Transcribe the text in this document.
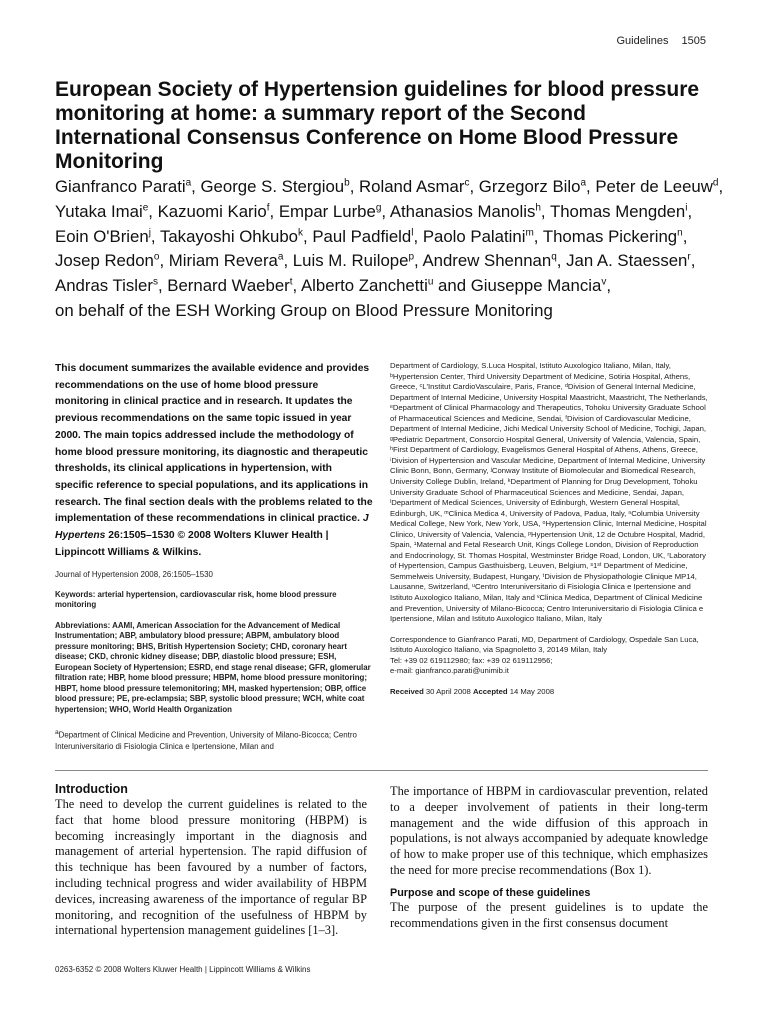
Guidelines 1505
European Society of Hypertension guidelines for blood pressure monitoring at home: a summary report of the Second International Consensus Conference on Home Blood Pressure Monitoring
Gianfranco Parati$^a$, George S. Stergiou$^b$, Roland Asmar$^c$, Grzegorz Bilo$^a$, Peter de Leeuw$^d$, Yutaka Imai$^e$, Kazuomi Kario$^f$, Empar Lurbe$^g$, Athanasios Manolis$^h$, Thomas Mengden$^i$, Eoin O'Brien$^j$, Takayoshi Ohkubo$^k$, Paul Padfield$^l$, Paolo Palatini$^m$, Thomas Pickering$^n$, Josep Redon$^o$, Miriam Revera$^a$, Luis M. Ruilope$^p$, Andrew Shennan$^q$, Jan A. Staessen$^r$, Andras Tisler$^s$, Bernard Waeber$^t$, Alberto Zanchetti$^u$ and Giuseppe Mancia$^v$,
on behalf of the ESH Working Group on Blood Pressure Monitoring

This document summarizes the available evidence and provides recommendations on the use of home blood pressure monitoring in clinical practice and in research. It updates the previous recommendations on the same topic issued in year 2000. The main topics addressed include the methodology of home blood pressure monitoring, its diagnostic and therapeutic thresholds, its clinical applications in hypertension, with specific reference to special populations, and its applications in research. The final section deals with the problems related to the implementation of these recommendations in clinical practice. J Hypertens 26:1505–1530 © 2008 Wolters Kluwer Health | Lippincott Williams & Wilkins.

Journal of Hypertension 2008, 26:1505–1530

Keywords: arterial hypertension, cardiovascular risk, home blood pressure monitoring

Abbreviations: AAMI, American Association for the Advancement of Medical Instrumentation; ABP, ambulatory blood pressure; ABPM, ambulatory blood pressure monitoring; BHS, British Hypertension Society; CHD, coronary heart disease; CKD, chronic kidney disease; DBP, diastolic blood pressure; ESH, European Society of Hypertension; ESRD, end stage renal disease; GFR, glomerular filtration rate; HBP, home blood pressure; HBPM, home blood pressure monitoring; HBPT, home blood pressure telemonitoring; MH, masked hypertension; OBP, office blood pressure; PE, pre-eclampsia; SBP, systolic blood pressure; WCH, white coat hypertension; WHO, World Health Organization

$^a$Department of Clinical Medicine and Prevention, University of Milano-Bicocca; Centro Interuniversitario di Fisiologia Clinica e Ipertensione, Milan and

Department of Cardiology, S.Luca Hospital, Istituto Auxologico Italiano, Milan, Italy, ᵇHypertension Center, Third University Department of Medicine, Sotiria Hospital, Athens, Greece, ᶜL'Institut CardioVasculaire, Paris, France, ᵈDivision of General Internal Medicine, Department of Internal Medicine, University Hospital Maastricht, Maastricht, The Netherlands, ᵉDepartment of Clinical Pharmacology and Therapeutics, Tohoku University Graduate School of Pharmaceutical Sciences and Medicine, Sendai, ᶠDivision of Cardiovascular Medicine, Department of Internal Medicine, Jichi Medical University School of Medicine, Tochigi, Japan, ᵍPediatric Department, Consorcio Hospital General, University of Valencia, Valencia, Spain, ʰFirst Department of Cardiology, Evagelismos General Hospital of Athens, Athens, Greece, ⁱDivision of Hypertension and Vascular Medicine, Department of Internal Medicine, University Clinic Bonn, Bonn, Germany, ʲConway Institute of Biomolecular and Biomedical Research, University College Dublin, Ireland, ᵏDepartment of Planning for Drug Development, Tohoku University Graduate School of Pharmaceutical Sciences and Medicine, Sendai, Japan, ˡDepartment of Medical Sciences, University of Edinburgh, Western General Hospital, Edinburgh, UK, ᵐClinica Medica 4, University of Padova, Padua, Italy, ⁿColumbia University Medical College, New York, New York, USA, ᵒHypertension Clinic, Internal Medicine, Hospital Clinico, University of Valencia, Valencia, ᵖHypertension Unit, 12 de Octubre Hospital, Madrid, Spain, ¹Maternal and Fetal Research Unit, Kings College London, Division of Reproduction and Endocrinology, St. Thomas Hospital, Westminster Bridge Road, London, UK, ʳLaboratory of Hypertension, Campus Gasthuisberg, Leuven, Belgium, ˢ1ˢᵗ Department of Medicine, Semmelweis University, Budapest, Hungary, ᵗDivision de Physiopathologie Clinique MP14, Lausanne, Switzerland, ᵘCentro Interuniversitario di Fisiologia Clinica e Ipertensione and Istituto Auxologico Italiano, Milan, Italy and ᵛClinica Medica, Department of Clinical Medicine and Prevention, University of Milano-Bicocca; Centro Interuniversitario di Fisiologia Clinica e Ipertensione, Milan and Istituto Auxologico Italiano, Milan, Italy

Correspondence to Gianfranco Parati, MD, Department of Cardiology, Ospedale San Luca, Istituto Auxologico Italiano, via Spagnoletto 3, 20149 Milan, Italy
Tel: +39 02 619112980; fax: +39 02 619112956;
e-mail: gianfranco.parati@unimib.it

Received 30 April 2008 Accepted 14 May 2008

Introduction

The need to develop the current guidelines is related to the fact that home blood pressure monitoring (HBPM) is becoming increasingly important in the diagnosis and management of arterial hypertension. The rapid diffusion of this technique has been favoured by a number of factors, including technical progress and wider availability of HBPM devices, increasing awareness of the importance of regular BP monitoring, and recognition of the usefulness of HBPM by international hypertension management guidelines [1–3].

The importance of HBPM in cardiovascular prevention, related to a deeper involvement of patients in their long-term management and the wide diffusion of this approach in populations, is not always accompanied by adequate knowledge of how to make proper use of this technique, which emphasizes the need for more precise recommendations (Box 1).

Purpose and scope of these guidelines

The purpose of the present guidelines is to update the recommendations given in the first consensus document

0263-6352 © 2008 Wolters Kluwer Health | Lippincott Williams & Wilkins
